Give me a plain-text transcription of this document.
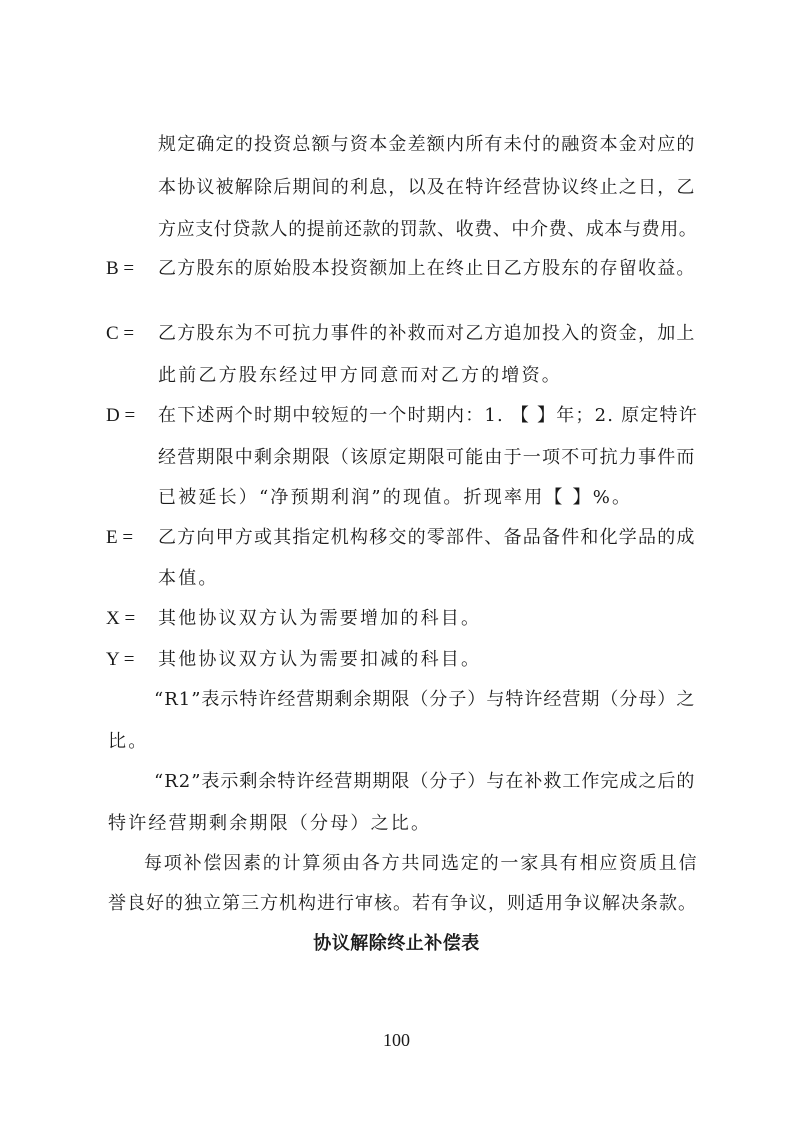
规定确定的投资总额与资本金差额内所有未付的融资本金对应的
本协议被解除后期间的利息，以及在特许经营协议终止之日，乙
方应支付贷款人的提前还款的罚款、收费、中介费、成本与费用。
B = 乙方股东的原始股本投资额加上在终止日乙方股东的存留收益。
C = 乙方股东为不可抗力事件的补救而对乙方追加投入的资金，加上
此前乙方股东经过甲方同意而对乙方的增资。
D = 在下述两个时期中较短的一个时期内：1. 【 】年；2. 原定特许
经营期限中剩余期限（该原定期限可能由于一项不可抗力事件而
已被延长）“净预期利润”的现值。折现率用【 】%。
E = 乙方向甲方或其指定机构移交的零部件、备品备件和化学品的成
本值。
X = 其他协议双方认为需要增加的科目。
Y = 其他协议双方认为需要扣减的科目。
“R1”表示特许经营期剩余期限（分子）与特许经营期（分母）之
比。
“R2”表示剩余特许经营期期限（分子）与在补救工作完成之后的
特许经营期剩余期限（分母）之比。
每项补偿因素的计算须由各方共同选定的一家具有相应资质且信
誉良好的独立第三方机构进行审核。若有争议，则适用争议解决条款。
协议解除终止补偿表
100
